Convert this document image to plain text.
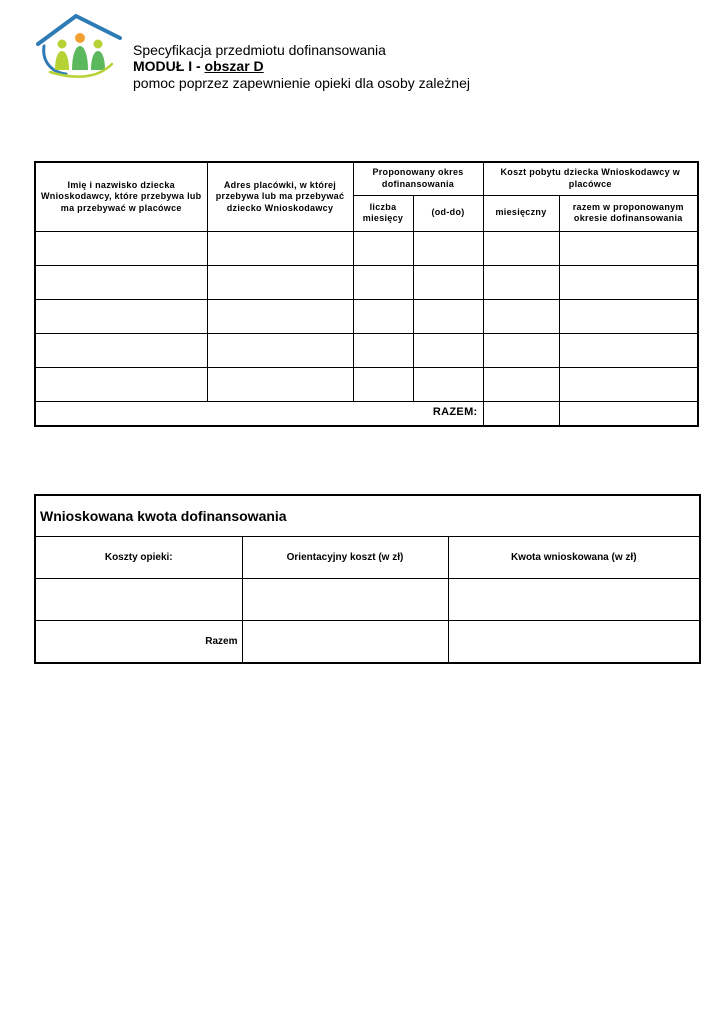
Specyfikacja przedmiotu dofinansowania
MODUŁ I - obszar D
pomoc poprzez zapewnienie opieki dla osoby zależnej
Imię i nazwisko dziecka Wnioskodawcy, które przebywa lub ma przebywać w placówce	Adres placówki, w której przebywa lub ma przebywać dziecko Wnioskodawcy	Proponowany okres dofinansowania		Koszt pobytu dziecka Wnioskodawcy w placówce	
		liczba miesięcy	(od-do)	miesięczny	razem w proponowanym okresie dofinansowania

RAZEM:					
Wnioskowana kwota dofinansowania		
Koszty opieki:	Orientacyjny koszt (w zł)	Kwota wnioskowana (w zł)

Razem		
